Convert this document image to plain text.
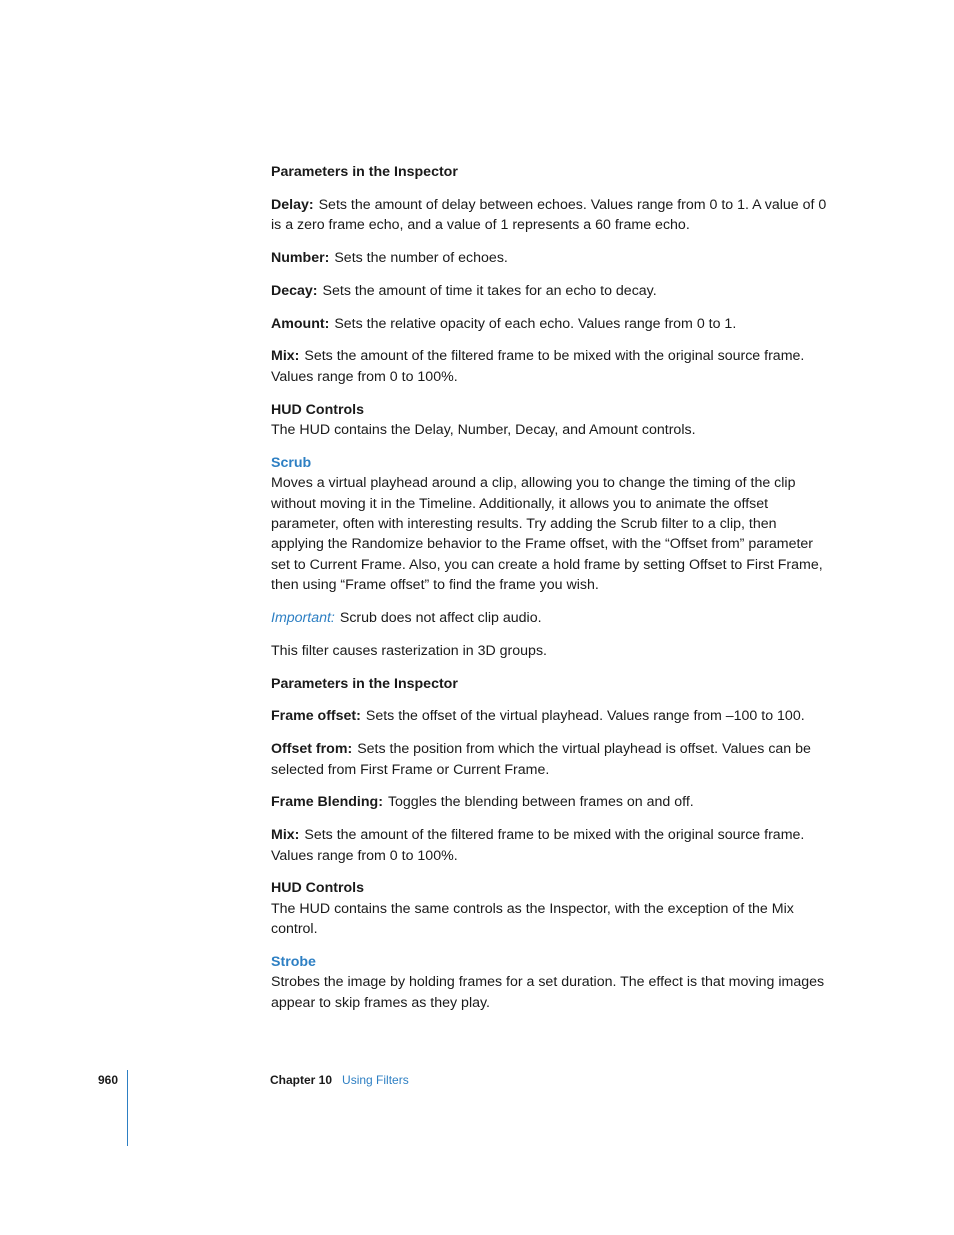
Parameters in the Inspector

Delay: Sets the amount of delay between echoes. Values range from 0 to 1. A value of 0 is a zero frame echo, and a value of 1 represents a 60 frame echo.

Number: Sets the number of echoes.

Decay: Sets the amount of time it takes for an echo to decay.

Amount: Sets the relative opacity of each echo. Values range from 0 to 1.

Mix: Sets the amount of the filtered frame to be mixed with the original source frame. Values range from 0 to 100%.

HUD Controls
The HUD contains the Delay, Number, Decay, and Amount controls.

Scrub
Moves a virtual playhead around a clip, allowing you to change the timing of the clip without moving it in the Timeline. Additionally, it allows you to animate the offset parameter, often with interesting results. Try adding the Scrub filter to a clip, then applying the Randomize behavior to the Frame offset, with the “Offset from” parameter set to Current Frame. Also, you can create a hold frame by setting Offset to First Frame, then using “Frame offset” to find the frame you wish.

Important: Scrub does not affect clip audio.

This filter causes rasterization in 3D groups.

Parameters in the Inspector

Frame offset: Sets the offset of the virtual playhead. Values range from –100 to 100.

Offset from: Sets the position from which the virtual playhead is offset. Values can be selected from First Frame or Current Frame.

Frame Blending: Toggles the blending between frames on and off.

Mix: Sets the amount of the filtered frame to be mixed with the original source frame. Values range from 0 to 100%.

HUD Controls
The HUD contains the same controls as the Inspector, with the exception of the Mix control.

Strobe
Strobes the image by holding frames for a set duration. The effect is that moving images appear to skip frames as they play.

960	Chapter 10 Using Filters
